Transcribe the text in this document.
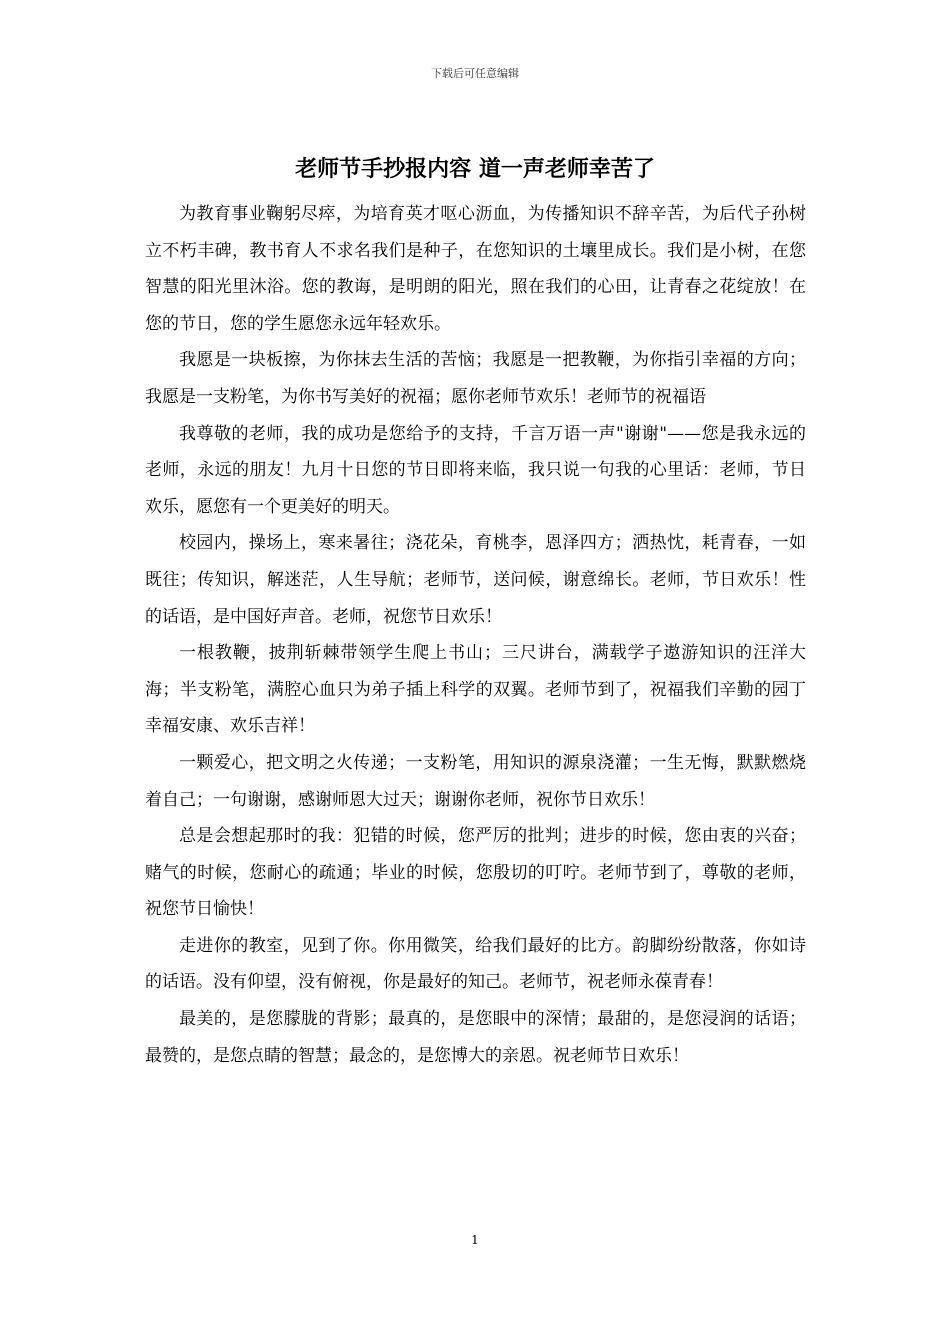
下载后可任意编辑
老师节手抄报内容 道一声老师幸苦了

为教育事业鞠躬尽瘁，为培育英才呕心沥血，为传播知识不辞辛苦，为后代子孙树立不朽丰碑，教书育人不求名我们是种子，在您知识的土壤里成长。我们是小树，在您智慧的阳光里沐浴。您的教诲，是明朗的阳光，照在我们的心田，让青春之花绽放！在您的节日，您的学生愿您永远年轻欢乐。

我愿是一块板擦，为你抹去生活的苦恼；我愿是一把教鞭，为你指引幸福的方向；我愿是一支粉笔，为你书写美好的祝福；愿你老师节欢乐！老师节的祝福语

我尊敬的老师，我的成功是您给予的支持，千言万语一声"谢谢"——您是我永远的老师，永远的朋友！九月十日您的节日即将来临，我只说一句我的心里话：老师，节日欢乐，愿您有一个更美好的明天。

校园内，操场上，寒来暑往；浇花朵，育桃李，恩泽四方；洒热忱，耗青春，一如既往；传知识，解迷茫，人生导航；老师节，送问候，谢意绵长。老师，节日欢乐！性的话语，是中国好声音。老师，祝您节日欢乐！

一根教鞭，披荆斩棘带领学生爬上书山；三尺讲台，满载学子遨游知识的汪洋大海；半支粉笔，满腔心血只为弟子插上科学的双翼。老师节到了，祝福我们辛勤的园丁幸福安康、欢乐吉祥！

一颗爱心，把文明之火传递；一支粉笔，用知识的源泉浇灌；一生无悔，默默燃烧着自己；一句谢谢，感谢师恩大过天；谢谢你老师，祝你节日欢乐！

总是会想起那时的我：犯错的时候，您严厉的批判；进步的时候，您由衷的兴奋；赌气的时候，您耐心的疏通；毕业的时候，您殷切的叮咛。老师节到了，尊敬的老师，祝您节日愉快！

走进你的教室，见到了你。你用微笑，给我们最好的比方。韵脚纷纷散落，你如诗的话语。没有仰望，没有俯视，你是最好的知己。老师节，祝老师永葆青春！

最美的，是您朦胧的背影；最真的，是您眼中的深情；最甜的，是您浸润的话语；最赞的，是您点睛的智慧；最念的，是您博大的亲恩。祝老师节日欢乐！

1
